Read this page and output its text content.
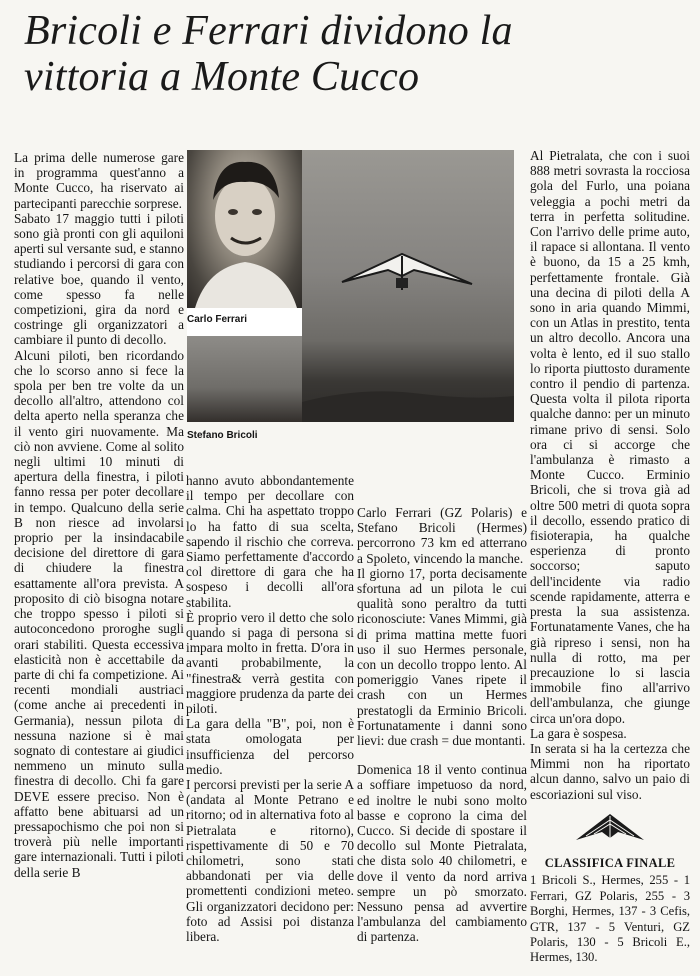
Bricoli e Ferrari dividono la
vittoria a Monte Cucco

La prima delle numerose gare in programma quest'anno a Monte Cucco, ha riservato ai partecipanti parecchie sorprese.

Sabato 17 maggio tutti i piloti sono già pronti con gli aquiloni aperti sul versante sud, e stanno studiando i percorsi di gara con relative boe, quando il vento, come spesso fa nelle competizioni, gira da nord e costringe gli organizzatori a cambiare il punto di decollo.

Alcuni piloti, ben ricordando che lo scorso anno si fece la spola per ben tre volte da un decollo all'altro, attendono col delta aperto nella speranza che il vento giri nuovamente. Ma ciò non avviene. Come al solito negli ultimi 10 minuti di apertura della finestra, i piloti fanno ressa per poter decollare in tempo. Qualcuno della serie B non riesce ad involarsi proprio per la insindacabile decisione del direttore di gara di chiudere la finestra esattamente all'ora prevista. A proposito di ciò bisogna notare che troppo spesso i piloti si autoconcedono proroghe sugli orari stabiliti. Questa eccessiva elasticità non è accettabile da parte di chi fa competizione. Ai recenti mondiali austriaci (come anche ai precedenti in Germania), nessun pilota di nessuna nazione si è mai sognato di contestare ai giudici nemmeno un minuto sulla finestra di decollo. Chi fa gare DEVE essere preciso. Non è affatto bene abituarsi ad un pressapochismo che poi non si troverà più nelle importanti gare internazionali. Tutti i piloti della serie B

Carlo Ferrari
Stefano Bricoli

hanno avuto abbondantemente il tempo per decollare con calma. Chi ha aspettato troppo lo ha fatto di sua scelta, sapendo il rischio che correva. Siamo perfettamente d'accordo col direttore di gara che ha sospeso i decolli all'ora stabilita.

È proprio vero il detto che solo quando si paga di persona si impara molto in fretta. D'ora in avanti probabilmente, la "finestra& verrà gestita con maggiore prudenza da parte dei piloti.

La gara della "B", poi, non è stata omologata per insufficienza del percorso medio.

I percorsi previsti per la serie A (andata al Monte Petrano e ritorno; od in alternativa foto al Pietralata e ritorno), rispettivamente di 50 e 70 chilometri, sono stati abbandonati per via delle promettenti condizioni meteo. Gli organizzatori decidono per: foto ad Assisi poi distanza libera.

Carlo Ferrari (GZ Polaris) e Stefano Bricoli (Hermes) percorrono 73 km ed atterrano a Spoleto, vincendo la manche.

Il giorno 17, porta decisamente sfortuna ad un pilota le cui qualità sono peraltro da tutti riconosciute: Vanes Mimmi, già di prima mattina mette fuori uso il suo Hermes personale, con un decollo troppo lento. Al pomeriggio Vanes ripete il crash con un Hermes prestatogli da Erminio Bricoli. Fortunatamente i danni sono lievi: due crash = due montanti.

Domenica 18 il vento continua a soffiare impetuoso da nord, ed inoltre le nubi sono molto basse e coprono la cima del Cucco. Si decide di spostare il decollo sul Monte Pietralata, che dista solo 40 chilometri, e dove il vento da nord arriva sempre un pò smorzato. Nessuno pensa ad avvertire l'ambulanza del cambiamento di partenza.

Al Pietralata, che con i suoi 888 metri sovrasta la rocciosa gola del Furlo, una poiana veleggia a pochi metri da terra in perfetta solitudine. Con l'arrivo delle prime auto, il rapace si allontana. Il vento è buono, da 15 a 25 kmh, perfettamente frontale. Già una decina di piloti della A sono in aria quando Mimmi, con un Atlas in prestito, tenta un altro decollo. Ancora una volta è lento, ed il suo stallo lo riporta piuttosto duramente contro il pendio di partenza. Questa volta il pilota riporta qualche danno: per un minuto rimane privo di sensi. Solo ora ci si accorge che l'ambulanza è rimasto a Monte Cucco. Erminio Bricoli, che si trova già ad oltre 500 metri di quota sopra il decollo, essendo pratico di fisioterapia, ha qualche esperienza di pronto soccorso; saputo dell'incidente via radio scende rapidamente, atterra e presta la sua assistenza. Fortunatamente Vanes, che ha già ripreso i sensi, non ha nulla di rotto, ma per precauzione lo si lascia immobile fino all'arrivo dell'ambulanza, che giunge circa un'ora dopo.

La gara è sospesa.

In serata si ha la certezza che Mimmi non ha riportato alcun danno, salvo un paio di escoriazioni sul viso.

CLASSIFICA FINALE
1 Bricoli S., Hermes, 255 - 1 Ferrari, GZ Polaris, 255 - 3 Borghi, Hermes, 137 - 3 Cefis, GTR, 137 - 5 Venturi, GZ Polaris, 130 - 5 Bricoli E., Hermes, 130.
